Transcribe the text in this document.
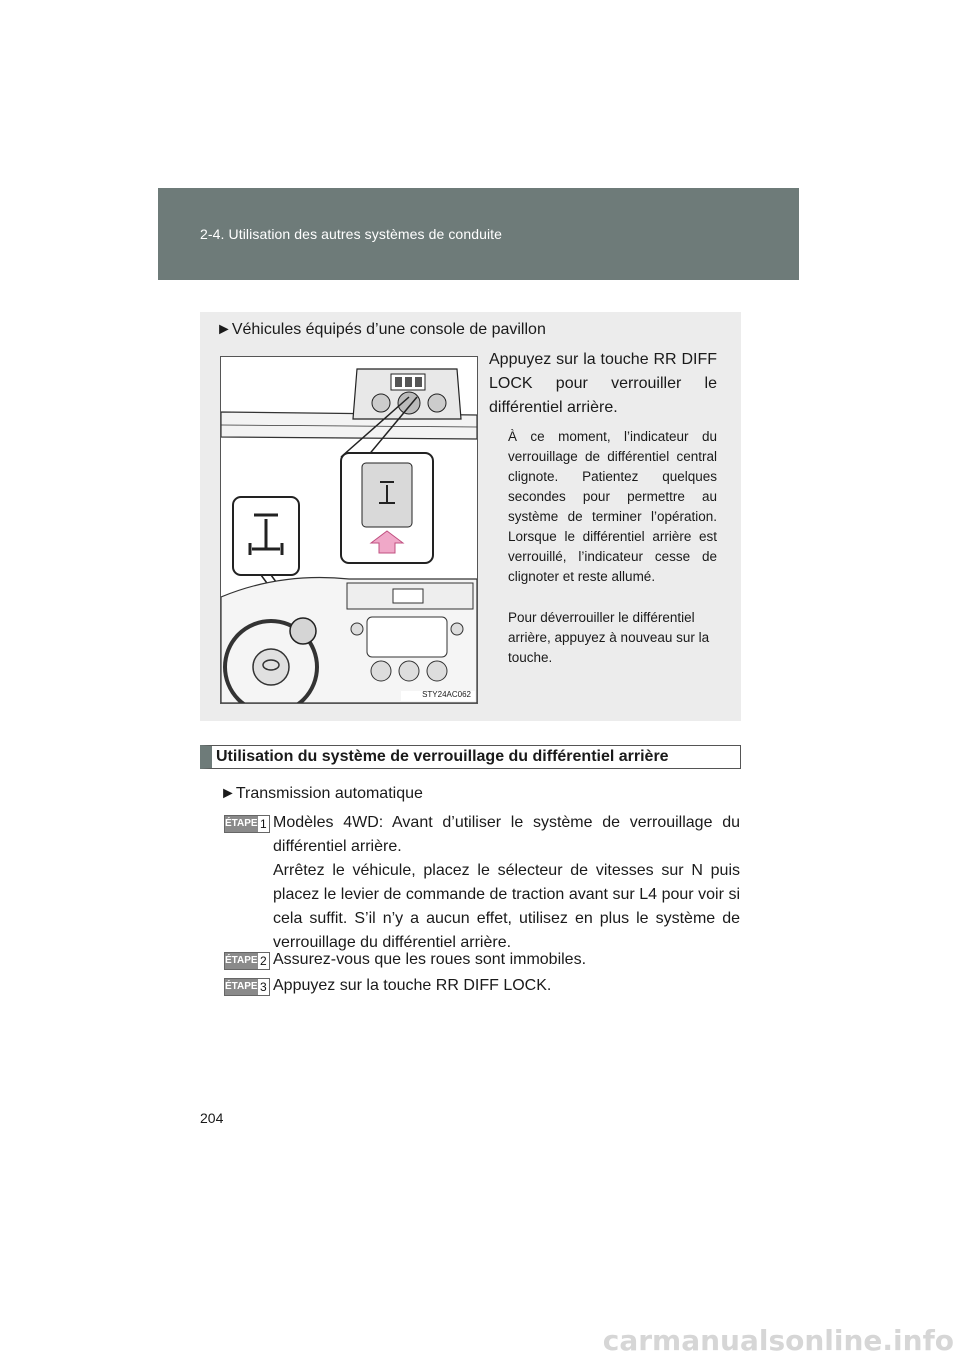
2-4. Utilisation des autres systèmes de conduite
►Véhicules équipés d’une console de pavillon
STY24AC062
Appuyez sur la touche RR DIFF LOCK pour verrouiller le différentiel arrière.
À ce moment, l’indicateur du verrouillage de différentiel central clignote. Patientez quelques secondes pour permettre au système de terminer l’opération. Lorsque le différentiel arrière est verrouillé, l’indicateur cesse de clignoter et reste allumé.
Pour déverrouiller le différentiel arrière, appuyez à nouveau sur la touche.
Utilisation du système de verrouillage du différentiel arrière
►Transmission automatique
ÉTAPE 1 Modèles 4WD: Avant d’utiliser le système de verrouillage du différentiel arrière.

Arrêtez le véhicule, placez le sélecteur de vitesses sur N puis placez le levier de commande de traction avant sur L4 pour voir si cela suffit. S’il n’y a aucun effet, utilisez en plus le système de verrouillage du différentiel arrière.

ÉTAPE 2 Assurez-vous que les roues sont immobiles.
ÉTAPE 3 Appuyez sur la touche RR DIFF LOCK.
204
carmanualsonline.info
